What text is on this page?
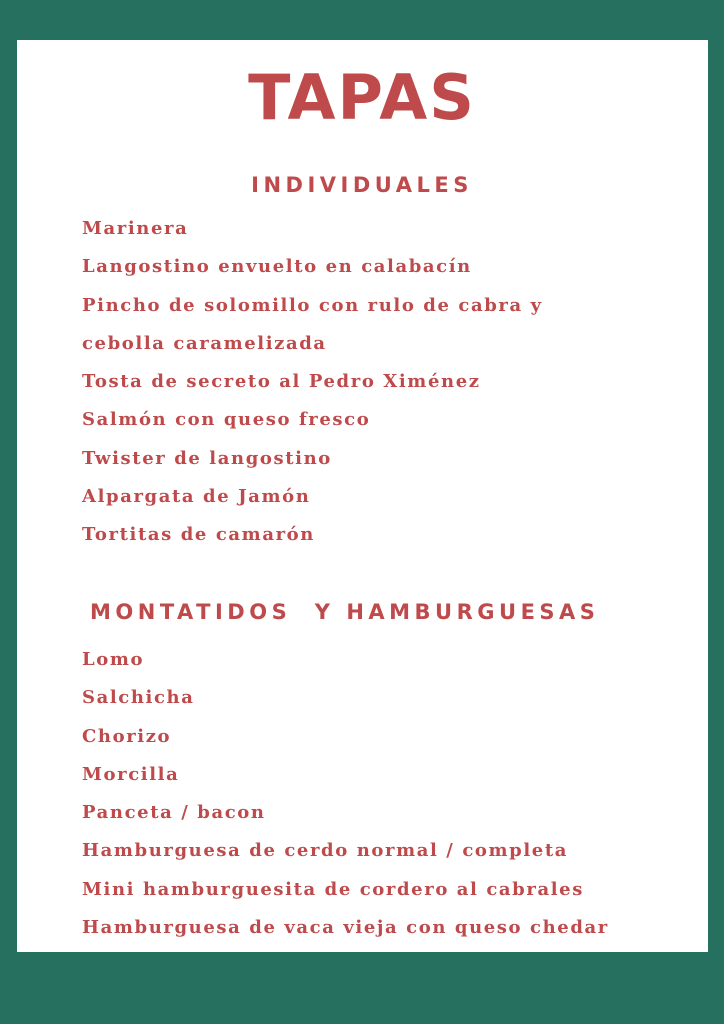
TAPAS
INDIVIDUALES
Marinera
Langostino envuelto en calabacín
Pincho de solomillo con rulo de cabra y
cebolla caramelizada
Tosta de secreto al Pedro Ximénez
Salmón con queso fresco
Twister de langostino
Alpargata de Jamón
Tortitas de camarón
MONTATIDOS  Y HAMBURGUESAS
Lomo
Salchicha
Chorizo
Morcilla
Panceta / bacon
Hamburguesa de cerdo normal / completa
Mini hamburguesita de cordero al cabrales
Hamburguesa de vaca vieja con queso chedar
